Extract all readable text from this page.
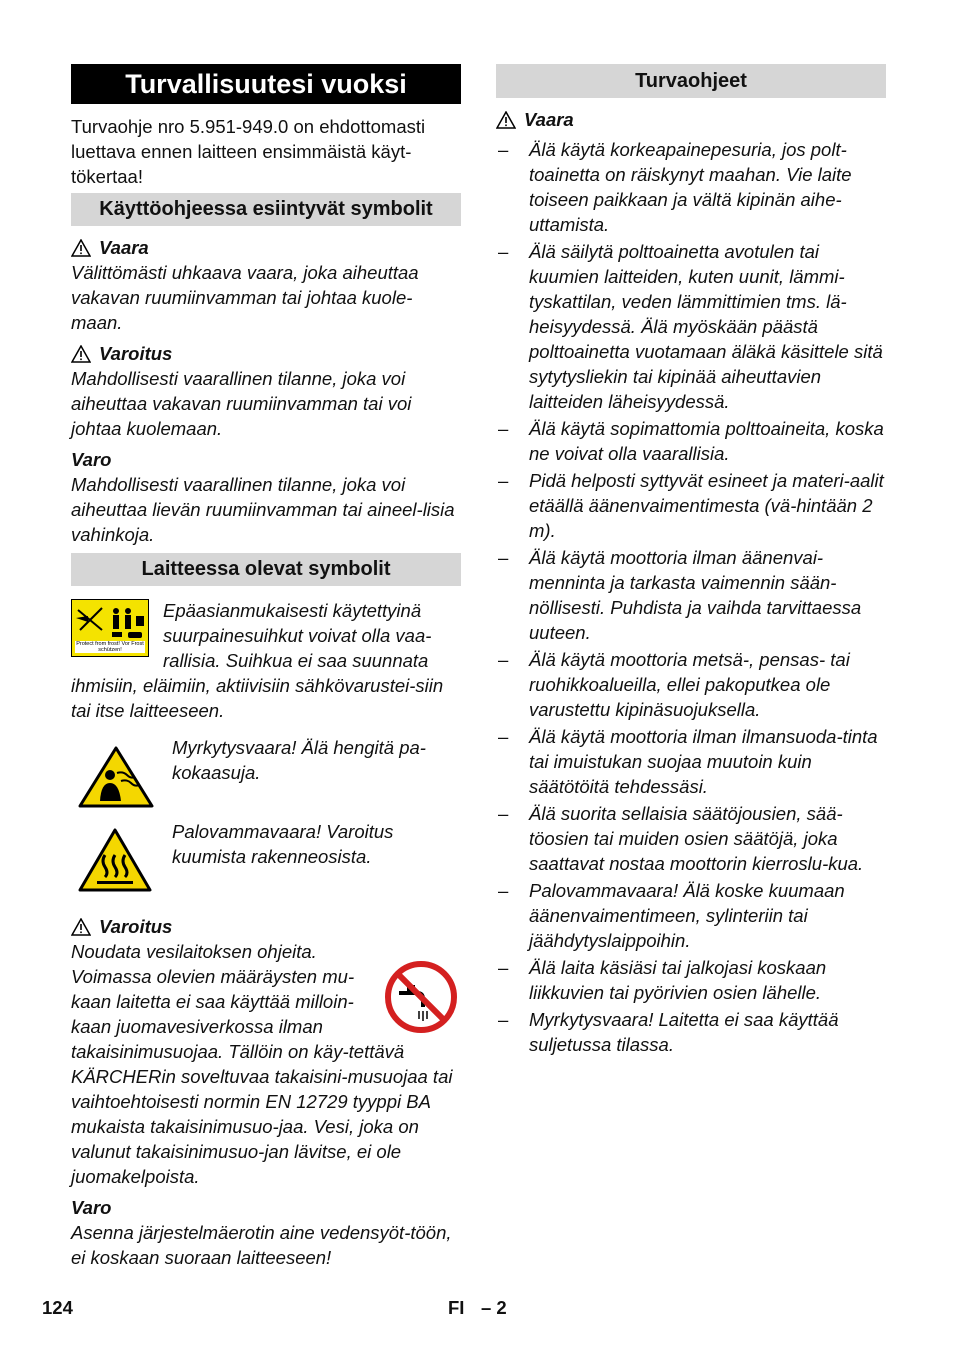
Turvallisuutesi vuoksi

Turvaohje nro 5.951-949.0 on ehdottomasti luettava ennen laitteen ensimmäistä käyt-tökertaa!

Käyttöohjeessa esiintyvät symbolit
Vaara

Välittömästi uhkaava vaara, joka aiheuttaa vakavan ruumiinvamman tai johtaa kuole-maan.

Varoitus

Mahdollisesti vaarallinen tilanne, joka voi aiheuttaa vakavan ruumiinvamman tai voi johtaa kuolemaan.

Varo

Mahdollisesti vaarallinen tilanne, joka voi aiheuttaa lievän ruumiinvamman tai aineel-lisia vahinkoja.

Laitteessa olevat symbolit
Protect from frost! Vor Frost schützen!

Epäasianmukaisesti käytettyinä suurpainesuihkut voivat olla vaa-rallisia. Suihkua ei saa suunnata ihmisiin, eläimiin, aktiivisiin sähkövarustei-siin tai itse laitteeseen.

Myrkytysvaara! Älä hengitä pa-kokaasuja.

Palovammavaara! Varoitus kuumista rakenneosista.

Varoitus

Noudata vesilaitoksen ohjeita.

Voimassa olevien määräysten mu-kaan laitetta ei saa käyttää milloin-kaan juomavesiverkossa ilman takaisinimusuojaa. Tällöin on käy-tettävä KÄRCHERin soveltuvaa takaisini-musuojaa tai vaihtoehtoisesti normin EN 12729 tyyppi BA mukaista takaisinimusuo-jaa. Vesi, joka on valunut takaisinimusuo-jan lävitse, ei ole juomakelpoista.

Varo

Asenna järjestelmäerotin aine vedensyöt-töön, ei koskaan suoraan laitteeseen!

Turvaohjeet
Vaara
– Älä käytä korkeapainepesuria, jos polt-toainetta on räiskynyt maahan. Vie laite toiseen paikkaan ja vältä kipinän aihe-uttamista.
– Älä säilytä polttoainetta avotulen tai kuumien laitteiden, kuten uunit, lämmi-tyskattilan, veden lämmittimien tms. lä-heisyydessä. Älä myöskään päästä polttoainetta vuotamaan äläkä käsittele sitä sytytysliekin tai kipinää aiheuttavien laitteiden läheisyydessä.
– Älä käytä sopimattomia polttoaineita, koska ne voivat olla vaarallisia.
– Pidä helposti syttyvät esineet ja materi-aalit etäällä äänenvaimentimesta (vä-hintään 2 m).
– Älä käytä moottoria ilman äänenvai-menninta ja tarkasta vaimennin sään-nöllisesti. Puhdista ja vaihda tarvittaessa uuteen.
– Älä käytä moottoria metsä-, pensas- tai ruohikkoalueilla, ellei pakoputkea ole varustettu kipinäsuojuksella.
– Älä käytä moottoria ilman ilmansuoda-tinta tai imuistukan suojaa muutoin kuin säätötöitä tehdessäsi.
– Älä suorita sellaisia säätöjousien, sää-töosien tai muiden osien säätöjä, joka saattavat nostaa moottorin kierroslu-kua.
– Palovammavaara! Älä koske kuumaan äänenvaimentimeen, sylinteriin tai jäähdytyslaippoihin.
– Älä laita käsiäsi tai jalkojasi koskaan liikkuvien tai pyörivien osien lähelle.
– Myrkytysvaara! Laitetta ei saa käyttää suljetussa tilassa.
124	FI – 2
